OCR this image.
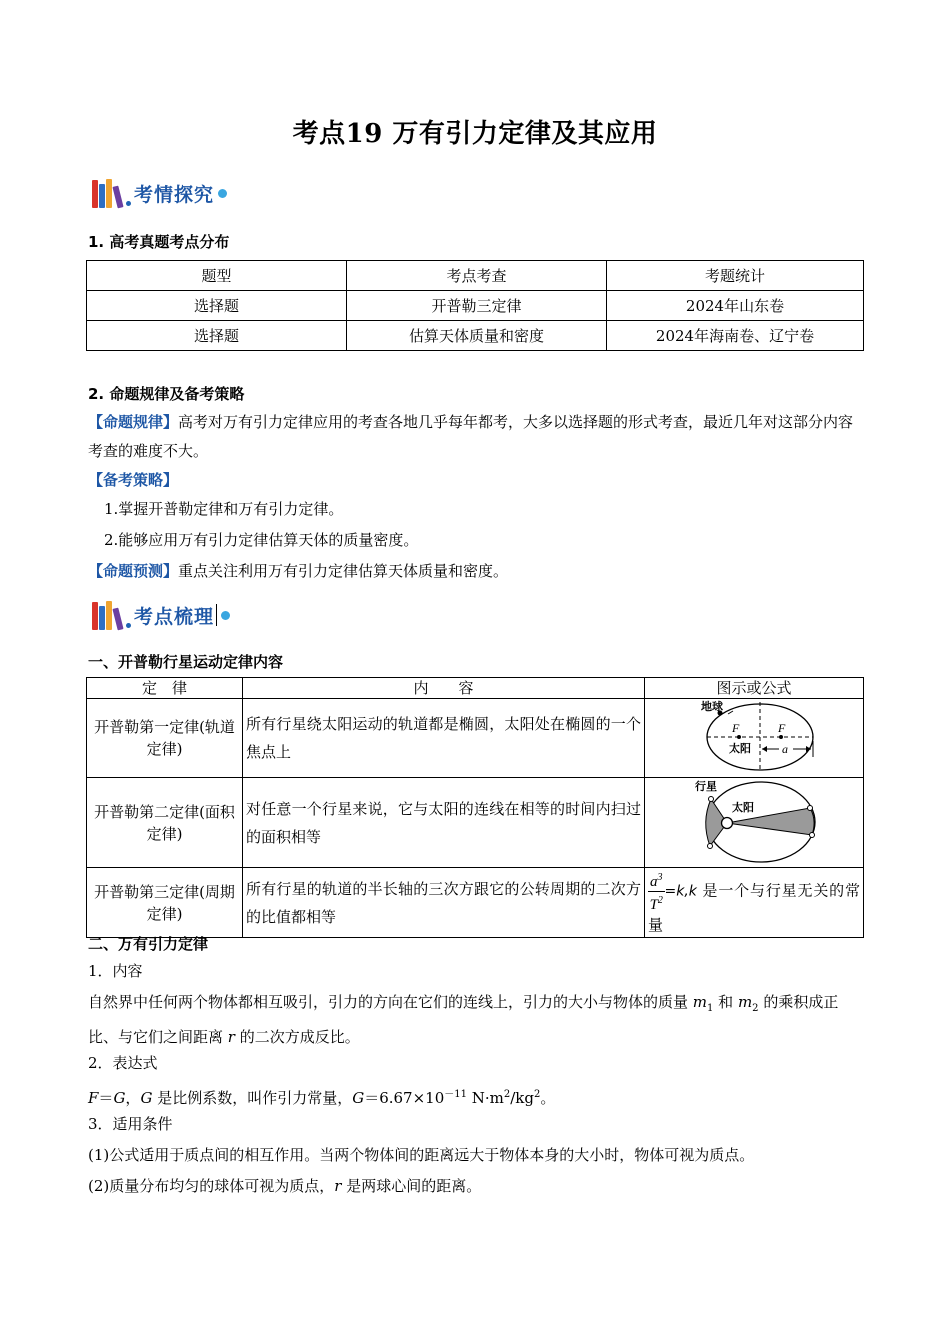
考点19 万有引力定律及其应用
考情探究
1. 高考真题考点分布
题型	考点考查	考题统计
选择题	开普勒三定律	2024年山东卷
选择题	估算天体质量和密度	2024年海南卷、辽宁卷
2. 命题规律及备考策略
【命题规律】高考对万有引力定律应用的考查各地几乎每年都考，大多以选择题的形式考查，最近几年对这部分内容考查的难度不大。
【备考策略】
1.掌握开普勒定律和万有引力定律。
2.能够应用万有引力定律估算天体的质量密度。
【命题预测】重点关注利用万有引力定律估算天体质量和密度。
考点梳理
一、开普勒行星运动定律内容
定　律	内　　容	图示或公式
开普勒第一定律(轨道定律)	所有行星绕太阳运动的轨道都是椭圆，太阳处在椭圆的一个焦点上	地球
F F
太阳 a

开普勒第二定律(面积定律)	对任意一个行星来说，它与太阳的连线在相等的时间内扫过的面积相等	行星
太阳

开普勒第三定律(周期定律)	所有行星的轨道的半长轴的三次方跟它的公转周期的二次方的比值都相等	$\frac{a^3}{T^2} =k,k$ 是一个与行星无关的常量
二、万有引力定律
1．内容
自然界中任何两个物体都相互吸引，引力的方向在它们的连线上，引力的大小与物体的质量 $m_1$ 和 $m_2$ 的乘积成正比、与它们之间距离 r 的二次方成反比。
2．表达式
F＝G，G 是比例系数，叫作引力常量，$G=6.67\times 10^{-11}$ $N\cdot m^2/kg^2$。
3．适用条件
(1)公式适用于质点间的相互作用。当两个物体间的距离远大于物体本身的大小时，物体可视为质点。
(2)质量分布均匀的球体可视为质点，r 是两球心间的距离。
